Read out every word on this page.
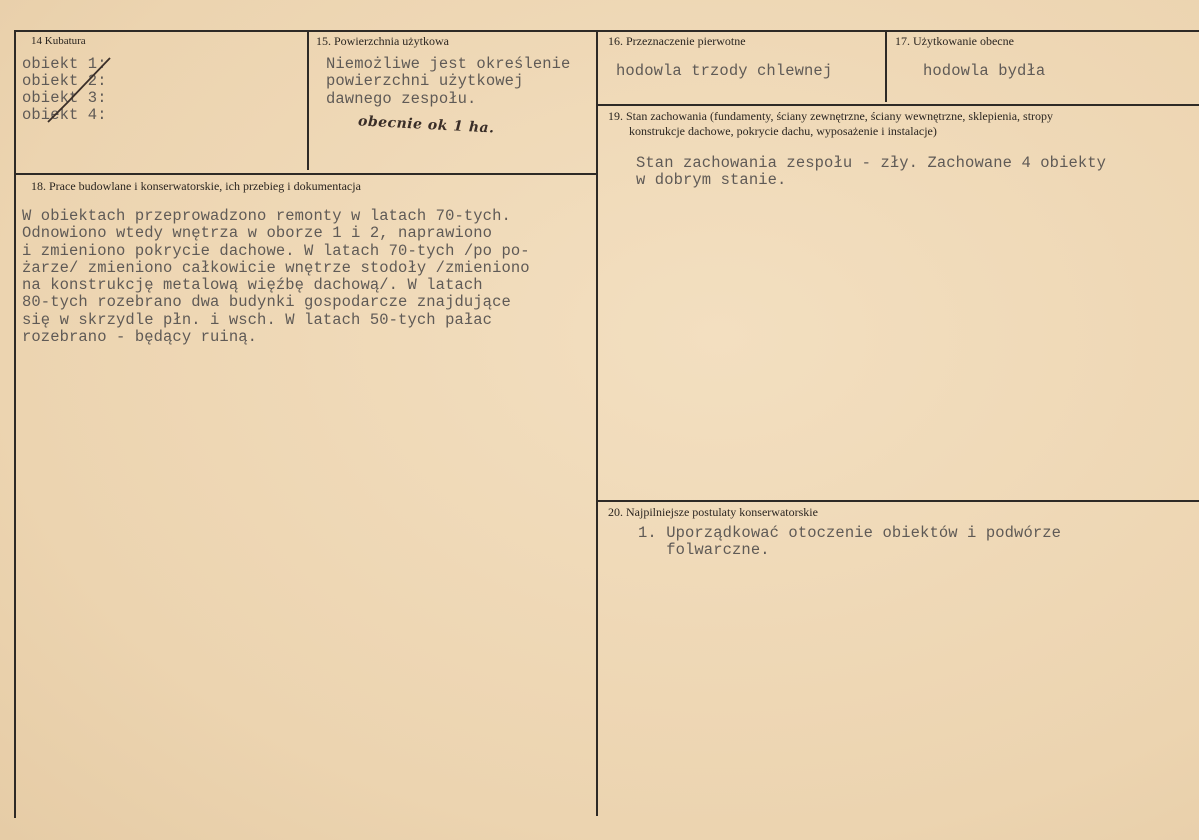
14 Kubatura
obiekt 1:
obiekt 2:
obiekt 3:
obiekt 4:
15. Powierzchnia użytkowa
Niemożliwe jest określenie
powierzchni użytkowej
dawnego zespołu.
obecnie ok 1 ha.
16. Przeznaczenie pierwotne
hodowla trzody chlewnej
17. Użytkowanie obecne
hodowla bydła
18. Prace budowlane i konserwatorskie, ich przebieg i dokumentacja
W obiektach przeprowadzono remonty w latach 70-tych.
Odnowiono wtedy wnętrza w oborze 1 i 2, naprawiono
i zmieniono pokrycie dachowe. W latach 70-tych /po po-
żarze/ zmieniono całkowicie wnętrze stodoły /zmieniono
na konstrukcję metalową więźbę dachową/. W latach
80-tych rozebrano dwa budynki gospodarcze znajdujące
się w skrzydle płn. i wsch. W latach 50-tych pałac
rozebrano - będący ruiną.
19. Stan zachowania (fundamenty, ściany zewnętrzne, ściany wewnętrzne, sklepienia, stropy
konstrukcje dachowe, pokrycie dachu, wyposażenie i instalacje)
Stan zachowania zespołu - zły. Zachowane 4 obiekty
w dobrym stanie.
20. Najpilniejsze postulaty konserwatorskie
1. Uporządkować otoczenie obiektów i podwórze
folwarczne.
